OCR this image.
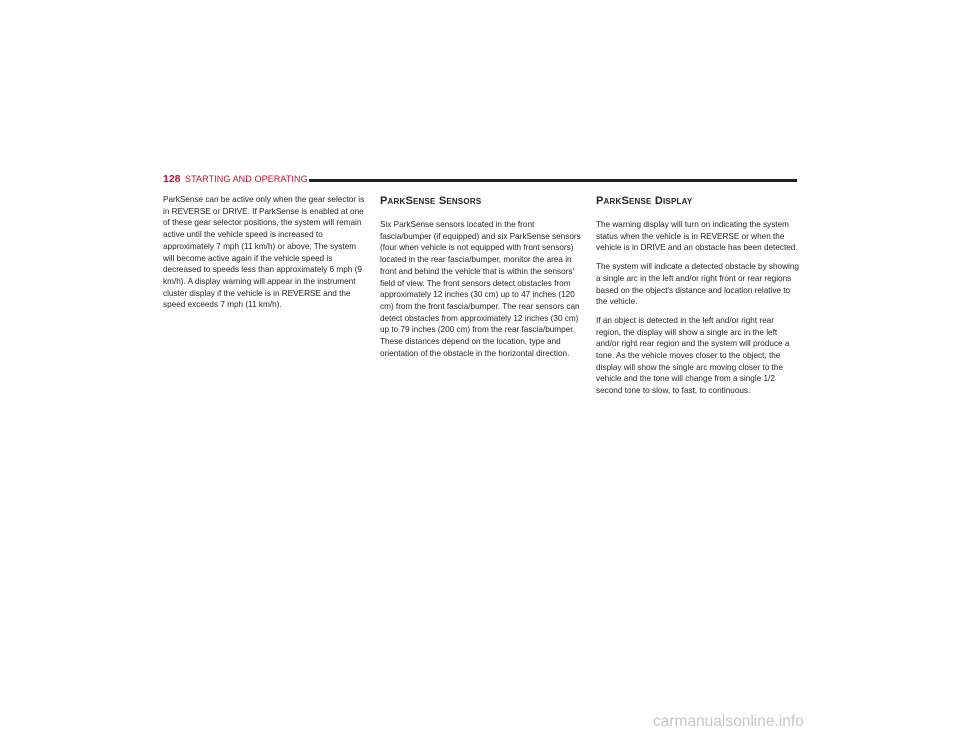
128 STARTING AND OPERATING

ParkSense can be active only when the gear selector is in REVERSE or DRIVE. If ParkSense is enabled at one of these gear selector positions, the system will remain active until the vehicle speed is increased to approximately 7 mph (11 km/h) or above. The system will become active again if the vehicle speed is decreased to speeds less than approximately 6 mph (9 km/h). A display warning will appear in the instrument cluster display if the vehicle is in REVERSE and the speed exceeds 7 mph (11 km/h).

ParkSense Sensors

Six ParkSense sensors located in the front fascia/bumper (if equipped) and six ParkSense sensors (four when vehicle is not equipped with front sensors) located in the rear fascia/bumper, monitor the area in front and behind the vehicle that is within the sensors' field of view. The front sensors detect obstacles from approximately 12 inches (30 cm) up to 47 inches (120 cm) from the front fascia/bumper. The rear sensors can detect obstacles from approximately 12 inches (30 cm) up to 79 inches (200 cm) from the rear fascia/bumper. These distances depend on the location, type and orientation of the obstacle in the horizontal direction.

ParkSense Display

The warning display will turn on indicating the system status when the vehicle is in REVERSE or when the vehicle is in DRIVE and an obstacle has been detected.

The system will indicate a detected obstacle by showing a single arc in the left and/or right front or rear regions based on the object's distance and location relative to the vehicle.

If an object is detected in the left and/or right rear region, the display will show a single arc in the left and/or right rear region and the system will produce a tone. As the vehicle moves closer to the object, the display will show the single arc moving closer to the vehicle and the tone will change from a single 1/2 second tone to slow, to fast, to continuous.

carmanualsonline.info
